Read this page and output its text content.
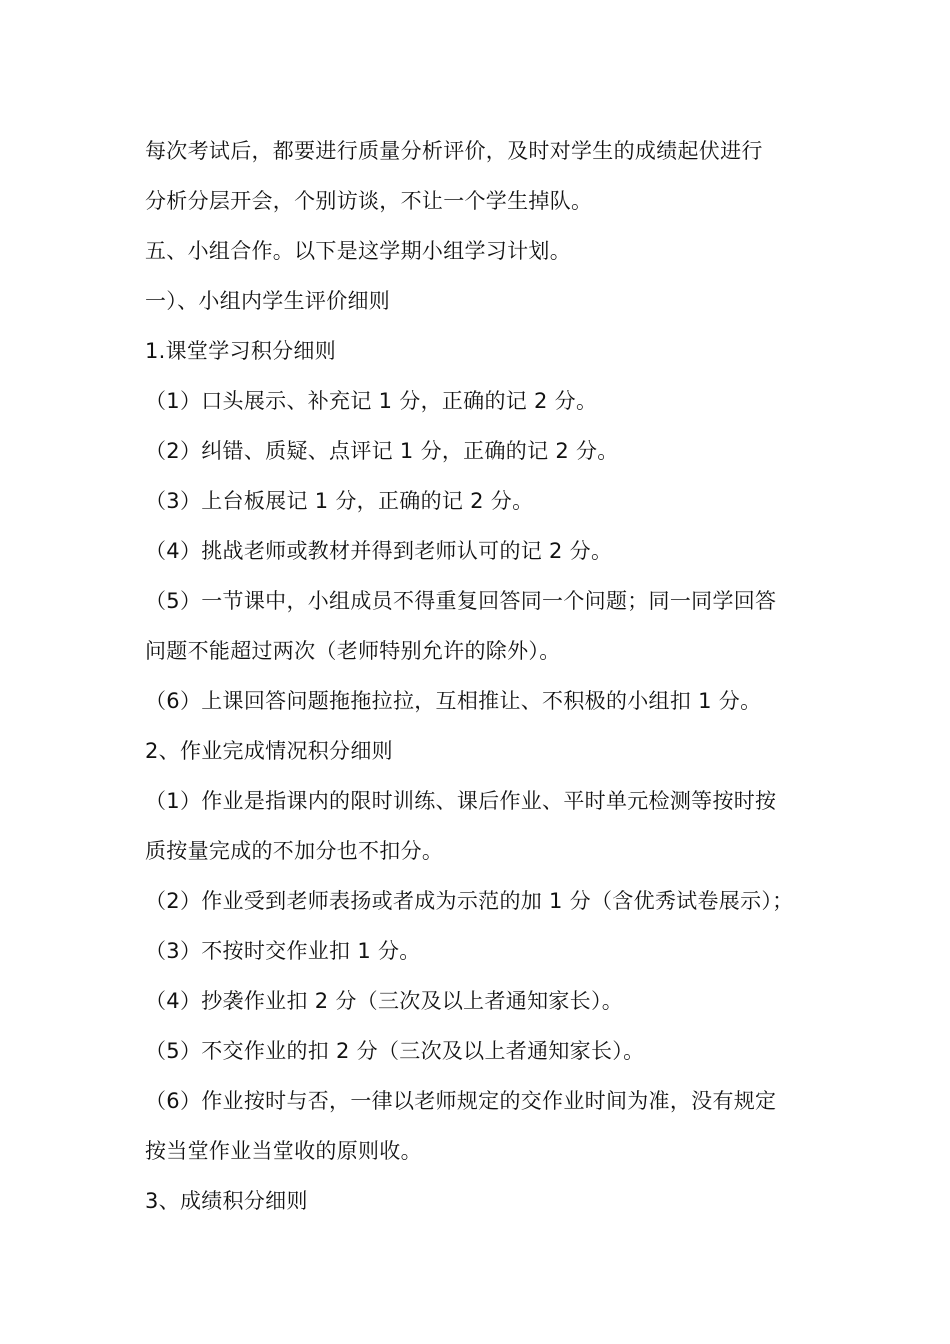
每次考试后，都要进行质量分析评价，及时对学生的成绩起伏进行
分析分层开会，个别访谈，不让一个学生掉队。
五、小组合作。以下是这学期小组学习计划。
一）、小组内学生评价细则
1.课堂学习积分细则
（1）口头展示、补充记 1 分，正确的记 2 分。
（2）纠错、质疑、点评记 1 分，正确的记 2 分。
（3）上台板展记 1 分，正确的记 2 分。
（4）挑战老师或教材并得到老师认可的记 2 分。
（5）一节课中，小组成员不得重复回答同一个问题；同一同学回答
问题不能超过两次（老师特别允许的除外）。
（6）上课回答问题拖拖拉拉，互相推让、不积极的小组扣 1 分。
2、作业完成情况积分细则
（1）作业是指课内的限时训练、课后作业、平时单元检测等按时按
质按量完成的不加分也不扣分。
（2）作业受到老师表扬或者成为示范的加 1 分（含优秀试卷展示）；
（3）不按时交作业扣 1 分。
（4）抄袭作业扣 2 分（三次及以上者通知家长）。
（5）不交作业的扣 2 分（三次及以上者通知家长）。
（6）作业按时与否，一律以老师规定的交作业时间为准，没有规定
按当堂作业当堂收的原则收。
3、成绩积分细则
